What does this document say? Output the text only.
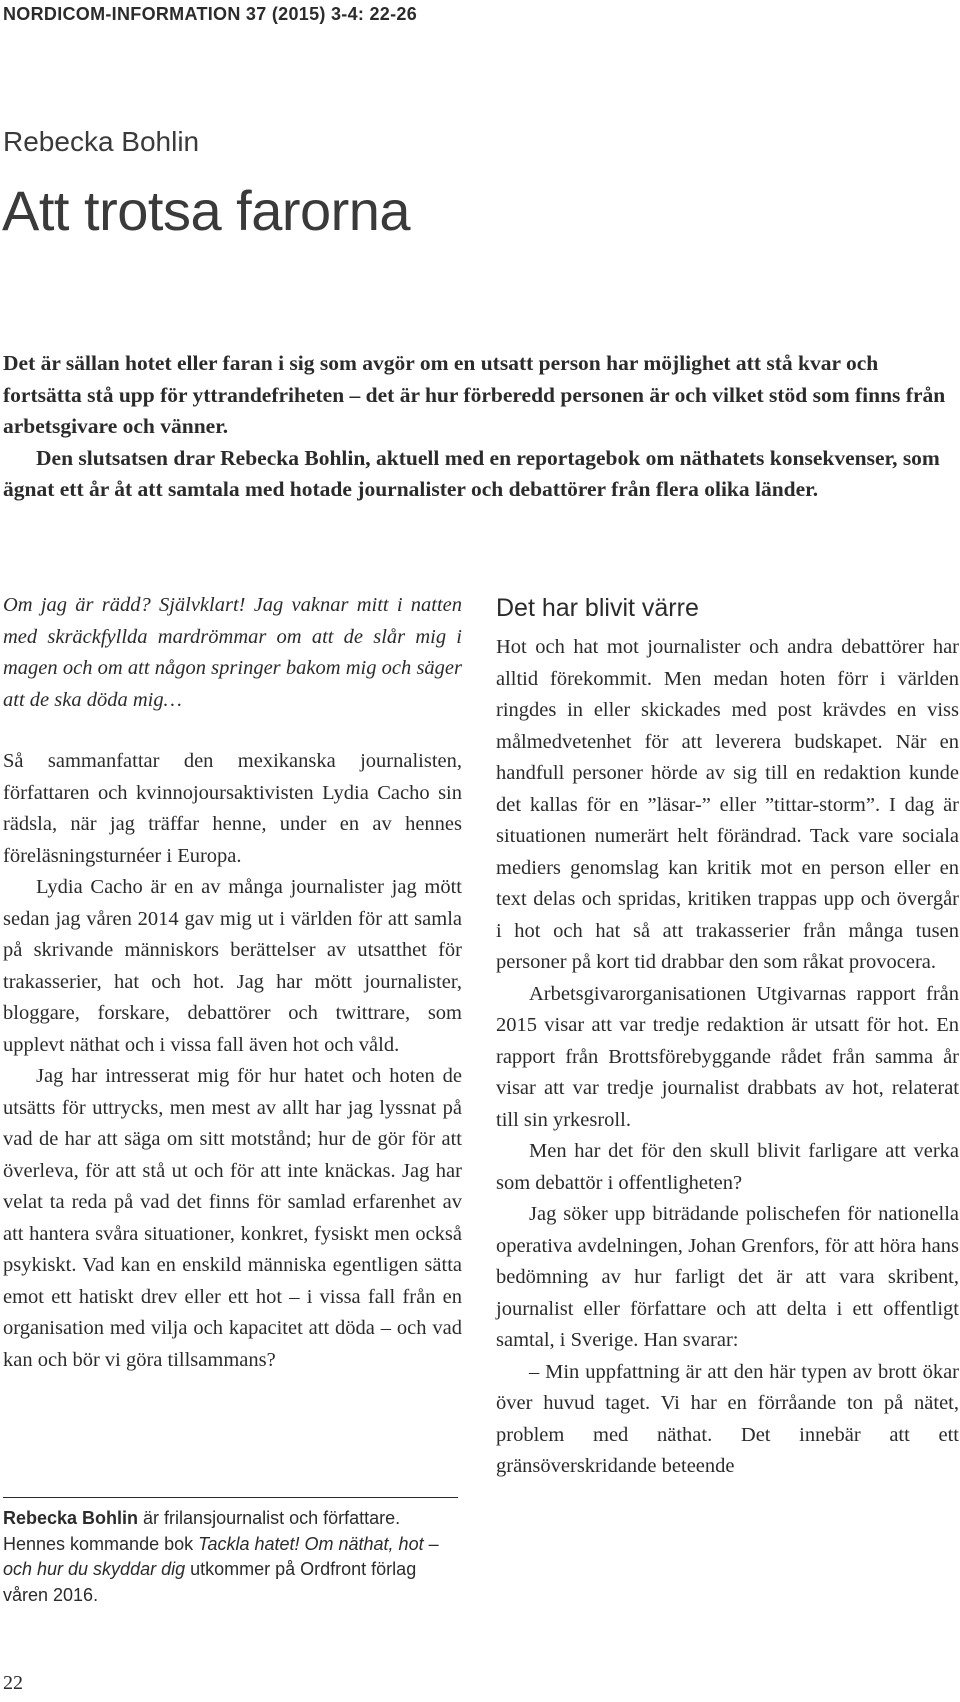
NORDICOM-INFORMATION 37 (2015) 3-4: 22-26
Rebecka Bohlin
Att trotsa farorna

Det är sällan hotet eller faran i sig som avgör om en utsatt person har möjlighet att stå kvar och fortsätta stå upp för yttrandefriheten – det är hur förberedd personen är och vilket stöd som finns från arbetsgivare och vänner.

Den slutsatsen drar Rebecka Bohlin, aktuell med en reportagebok om näthatets konsekvenser, som ägnat ett år åt att samtala med hotade journalister och debattörer från flera olika länder.

Om jag är rädd? Självklart! Jag vaknar mitt i natten med skräckfyllda mardrömmar om att de slår mig i magen och om att någon springer bakom mig och säger att de ska döda mig…

Så sammanfattar den mexikanska journalisten, författaren och kvinnojoursaktivisten Lydia Cacho sin rädsla, när jag träffar henne, under en av hennes föreläsningsturnéer i Europa.

Lydia Cacho är en av många journalister jag mött sedan jag våren 2014 gav mig ut i världen för att samla på skrivande människors berättelser av utsatthet för trakasserier, hat och hot. Jag har mött journalister, bloggare, forskare, debattörer och twittrare, som upplevt näthat och i vissa fall även hot och våld.

Jag har intresserat mig för hur hatet och hoten de utsätts för uttrycks, men mest av allt har jag lyssnat på vad de har att säga om sitt motstånd; hur de gör för att överleva, för att stå ut och för att inte knäckas. Jag har velat ta reda på vad det finns för samlad erfarenhet av att hantera svåra situationer, konkret, fysiskt men också psykiskt. Vad kan en enskild människa egentligen sätta emot ett hatiskt drev eller ett hot – i vissa fall från en organisation med vilja och kapacitet att döda – och vad kan och bör vi göra tillsammans?

Rebecka Bohlin är frilansjournalist och författare. Hennes kommande bok Tackla hatet! Om näthat, hot – och hur du skyddar dig utkommer på Ordfront förlag våren 2016.
Det har blivit värre

Hot och hat mot journalister och andra debattörer har alltid förekommit. Men medan hoten förr i världen ringdes in eller skickades med post krävdes en viss målmedvetenhet för att leverera budskapet. När en handfull personer hörde av sig till en redaktion kunde det kallas för en ”läsar-” eller ”tittar-storm”. I dag är situationen numerärt helt förändrad. Tack vare sociala mediers genomslag kan kritik mot en person eller en text delas och spridas, kritiken trappas upp och övergår i hot och hat så att trakasserier från många tusen personer på kort tid drabbar den som råkat provocera.

Arbetsgivarorganisationen Utgivarnas rapport från 2015 visar att var tredje redaktion är utsatt för hot. En rapport från Brottsförebyggande rådet från samma år visar att var tredje journalist drabbats av hot, relaterat till sin yrkesroll.

Men har det för den skull blivit farligare att verka som debattör i offentligheten?

Jag söker upp biträdande polischefen för nationella operativa avdelningen, Johan Grenfors, för att höra hans bedömning av hur farligt det är att vara skribent, journalist eller författare och att delta i ett offentligt samtal, i Sverige. Han svarar:

– Min uppfattning är att den här typen av brott ökar över huvud taget. Vi har en förråande ton på nätet, problem med näthat. Det innebär att ett gränsöverskridande beteende

22
